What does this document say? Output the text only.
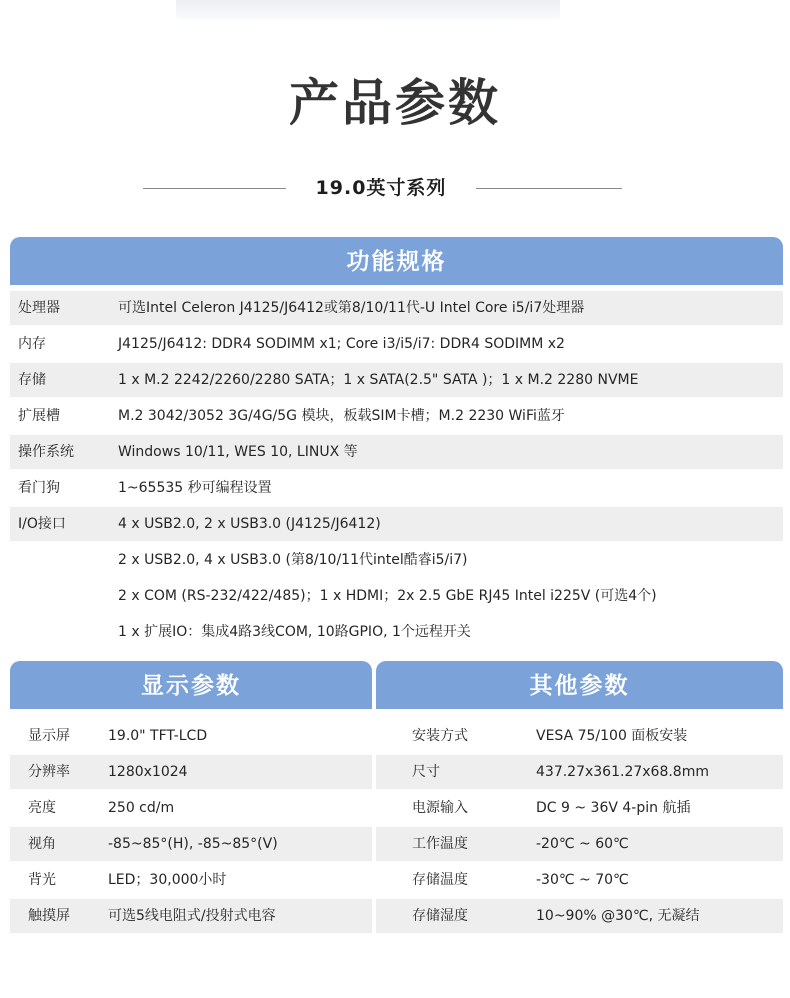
产品参数
19.0英寸系列
功能规格
处理器	可选Intel Celeron J4125/J6412或第8/10/11代-U Intel Core i5/i7处理器
内存	J4125/J6412: DDR4 SODIMM x1; Core i3/i5/i7: DDR4 SODIMM x2
存储	1 x M.2 2242/2260/2280 SATA；1 x SATA(2.5" SATA )；1 x M.2 2280 NVME
扩展槽	M.2 3042/3052 3G/4G/5G 模块，板载SIM卡槽；M.2 2230 WiFi蓝牙
操作系统	Windows 10/11, WES 10, LINUX 等
看门狗	1~65535 秒可编程设置
I/O接口	4 x USB2.0, 2 x USB3.0 (J4125/J6412)
2 x USB2.0, 4 x USB3.0 (第8/10/11代intel酷睿i5/i7)
2 x COM (RS-232/422/485)；1 x HDMI；2x 2.5 GbE RJ45 Intel i225V (可选4个)
1 x 扩展IO：集成4路3线COM, 10路GPIO, 1个远程开关
显示参数
显示屏	19.0" TFT-LCD
分辨率	1280x1024
亮度	250 cd/m
视角	-85~85°(H), -85~85°(V)
背光	LED；30,000小时
触摸屏	可选5线电阻式/投射式电容
其他参数
安装方式	VESA 75/100 面板安装
尺寸	437.27x361.27x68.8mm
电源输入	DC 9 ~ 36V 4-pin 航插
工作温度	-20℃ ~ 60℃
存储温度	-30℃ ~ 70℃
存储湿度	10~90% @30℃, 无凝结
